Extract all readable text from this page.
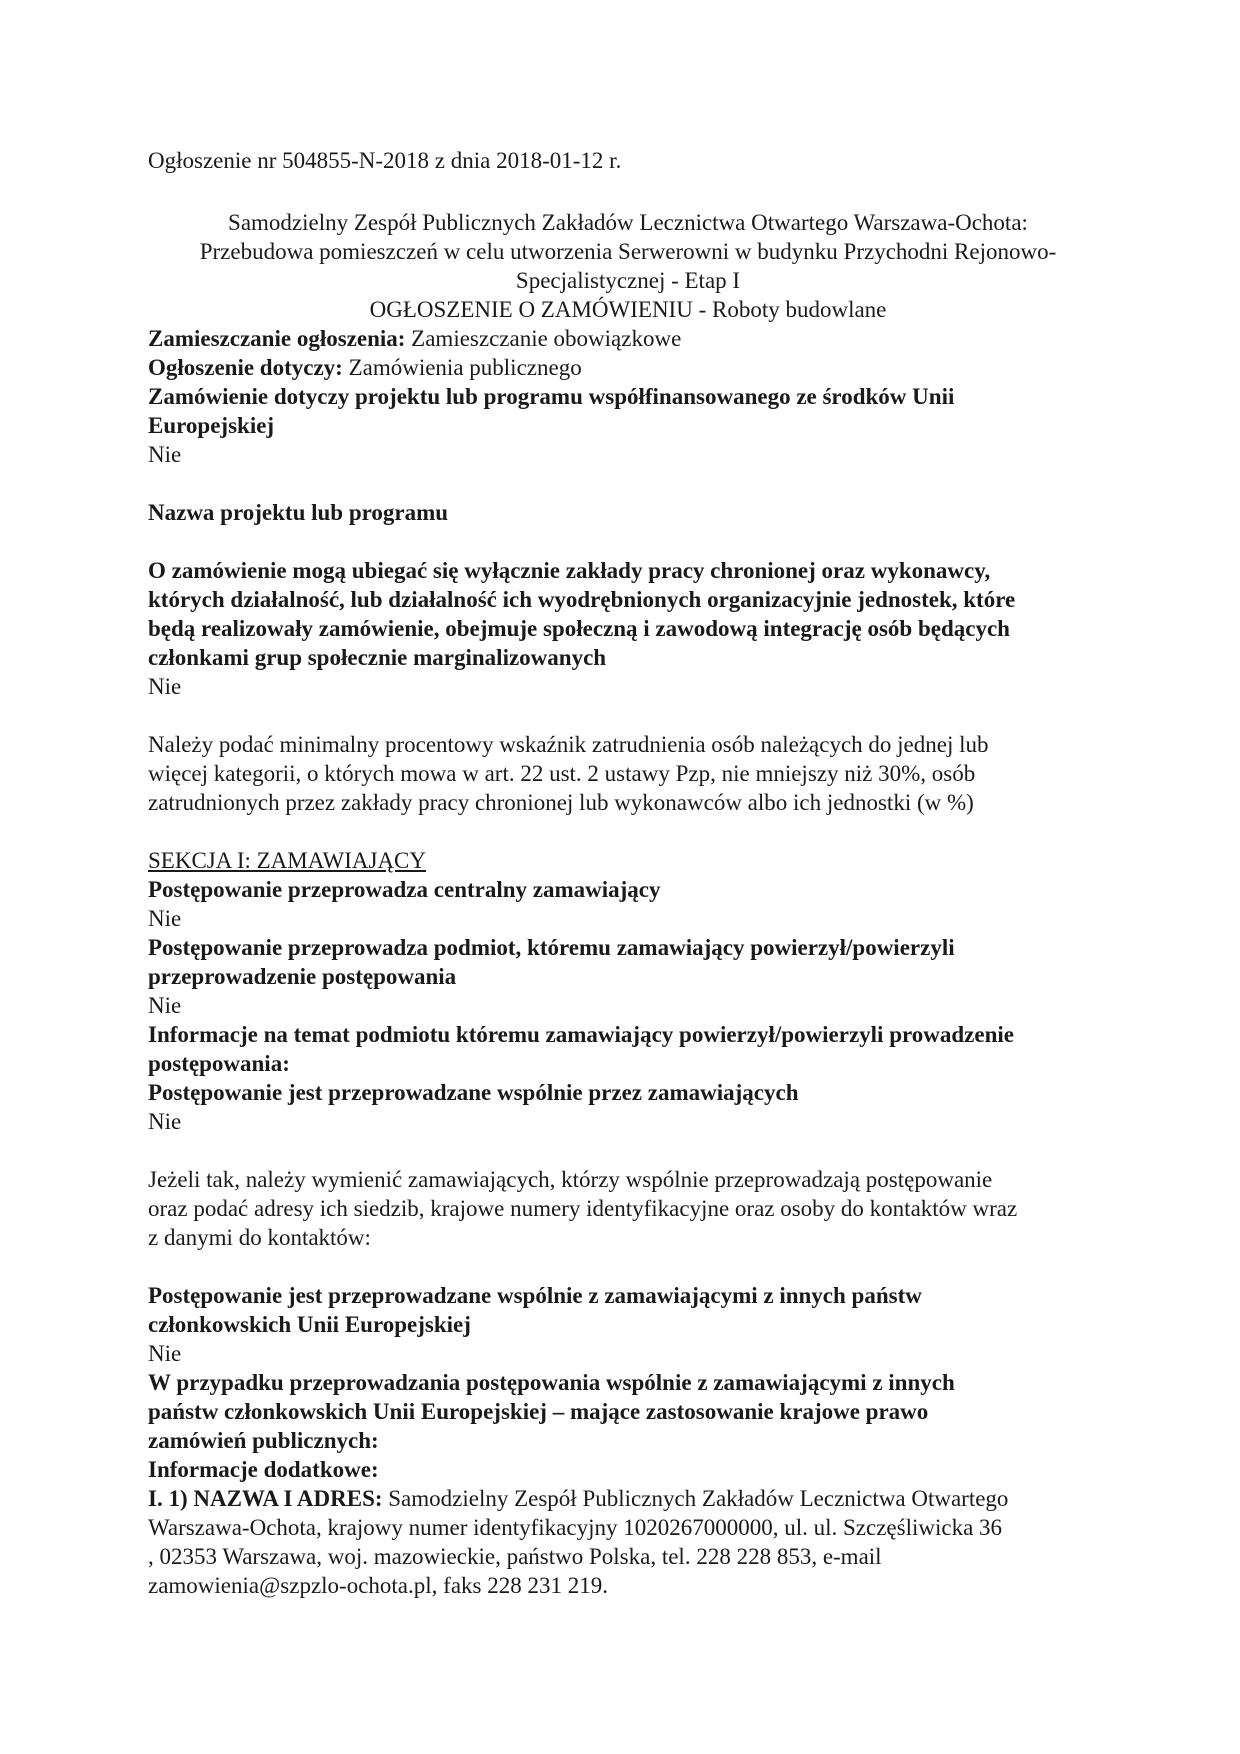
Ogłoszenie nr 504855-N-2018 z dnia 2018-01-12 r.

Samodzielny Zespół Publicznych Zakładów Lecznictwa Otwartego Warszawa-Ochota:

Przebudowa pomieszczeń w celu utworzenia Serwerowni w budynku Przychodni Rejonowo-

Specjalistycznej - Etap I

OGŁOSZENIE O ZAMÓWIENIU - Roboty budowlane

Zamieszczanie ogłoszenia: Zamieszczanie obowiązkowe

Ogłoszenie dotyczy: Zamówienia publicznego

Zamówienie dotyczy projektu lub programu współfinansowanego ze środków Unii

Europejskiej

Nie

Nazwa projektu lub programu

O zamówienie mogą ubiegać się wyłącznie zakłady pracy chronionej oraz wykonawcy,

których działalność, lub działalność ich wyodrębnionych organizacyjnie jednostek, które

będą realizowały zamówienie, obejmuje społeczną i zawodową integrację osób będących

członkami grup społecznie marginalizowanych

Nie

Należy podać minimalny procentowy wskaźnik zatrudnienia osób należących do jednej lub

więcej kategorii, o których mowa w art. 22 ust. 2 ustawy Pzp, nie mniejszy niż 30%, osób

zatrudnionych przez zakłady pracy chronionej lub wykonawców albo ich jednostki (w %)

SEKCJA I: ZAMAWIAJĄCY

Postępowanie przeprowadza centralny zamawiający

Nie

Postępowanie przeprowadza podmiot, któremu zamawiający powierzył/powierzyli

przeprowadzenie postępowania

Nie

Informacje na temat podmiotu któremu zamawiający powierzył/powierzyli prowadzenie

postępowania:

Postępowanie jest przeprowadzane wspólnie przez zamawiających

Nie

Jeżeli tak, należy wymienić zamawiających, którzy wspólnie przeprowadzają postępowanie

oraz podać adresy ich siedzib, krajowe numery identyfikacyjne oraz osoby do kontaktów wraz

z danymi do kontaktów:

Postępowanie jest przeprowadzane wspólnie z zamawiającymi z innych państw

członkowskich Unii Europejskiej

Nie

W przypadku przeprowadzania postępowania wspólnie z zamawiającymi z innych

państw członkowskich Unii Europejskiej – mające zastosowanie krajowe prawo

zamówień publicznych:

Informacje dodatkowe:

I. 1) NAZWA I ADRES: Samodzielny Zespół Publicznych Zakładów Lecznictwa Otwartego

Warszawa-Ochota, krajowy numer identyfikacyjny 1020267000000, ul. ul. Szczęśliwicka 36

, 02353 Warszawa, woj. mazowieckie, państwo Polska, tel. 228 228 853, e-mail

zamowienia@szpzlo-ochota.pl, faks 228 231 219.
